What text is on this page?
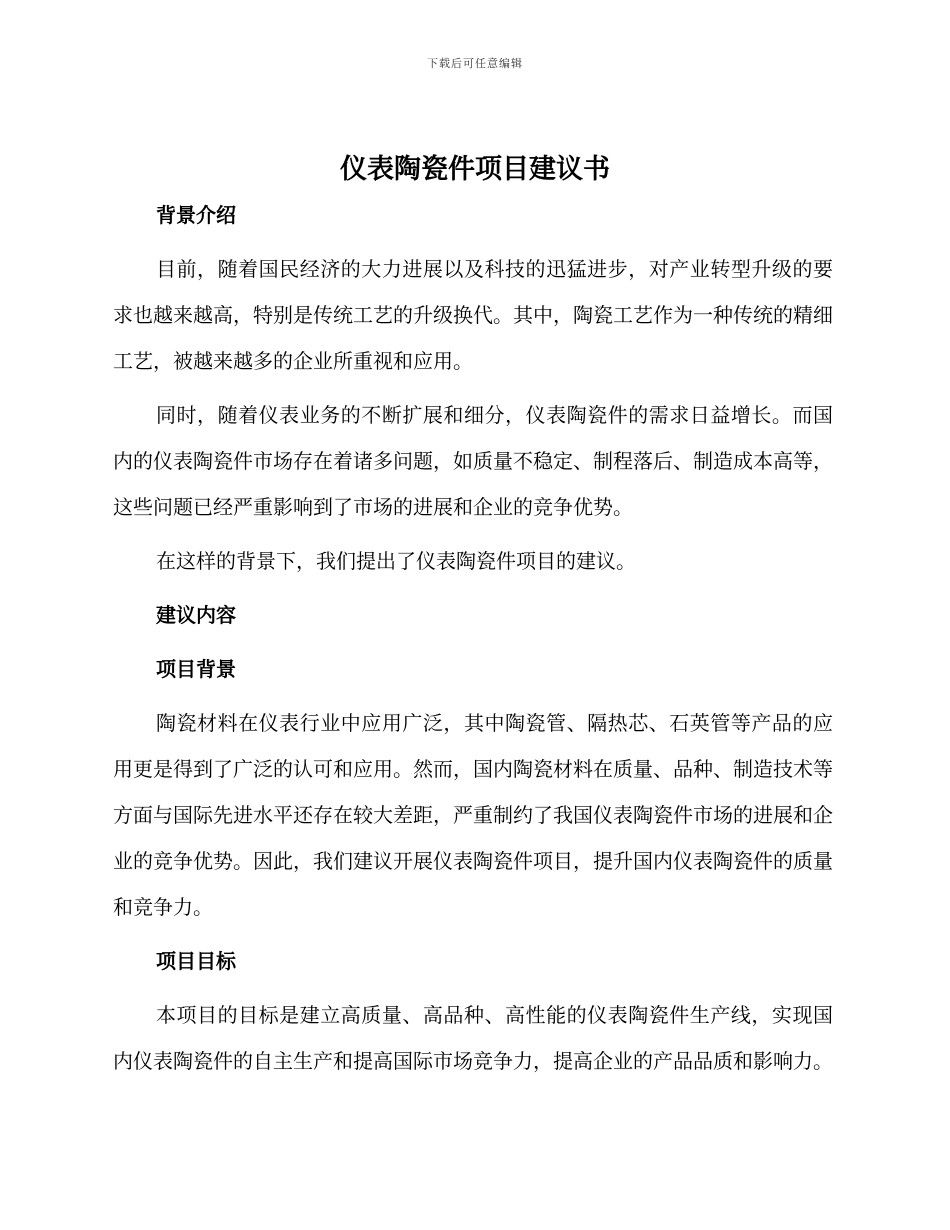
下载后可任意编辑
仪表陶瓷件项目建议书

背景介绍

目前，随着国民经济的大力进展以及科技的迅猛进步，对产业转型升级的要求也越来越高，特别是传统工艺的升级换代。其中，陶瓷工艺作为一种传统的精细工艺，被越来越多的企业所重视和应用。

同时，随着仪表业务的不断扩展和细分，仪表陶瓷件的需求日益增长。而国内的仪表陶瓷件市场存在着诸多问题，如质量不稳定、制程落后、制造成本高等，这些问题已经严重影响到了市场的进展和企业的竞争优势。

在这样的背景下，我们提出了仪表陶瓷件项目的建议。

建议内容

项目背景

陶瓷材料在仪表行业中应用广泛，其中陶瓷管、隔热芯、石英管等产品的应用更是得到了广泛的认可和应用。然而，国内陶瓷材料在质量、品种、制造技术等方面与国际先进水平还存在较大差距，严重制约了我国仪表陶瓷件市场的进展和企业的竞争优势。因此，我们建议开展仪表陶瓷件项目，提升国内仪表陶瓷件的质量和竞争力。

项目目标

本项目的目标是建立高质量、高品种、高性能的仪表陶瓷件生产线，实现国内仪表陶瓷件的自主生产和提高国际市场竞争力，提高企业的产品品质和影响力。
